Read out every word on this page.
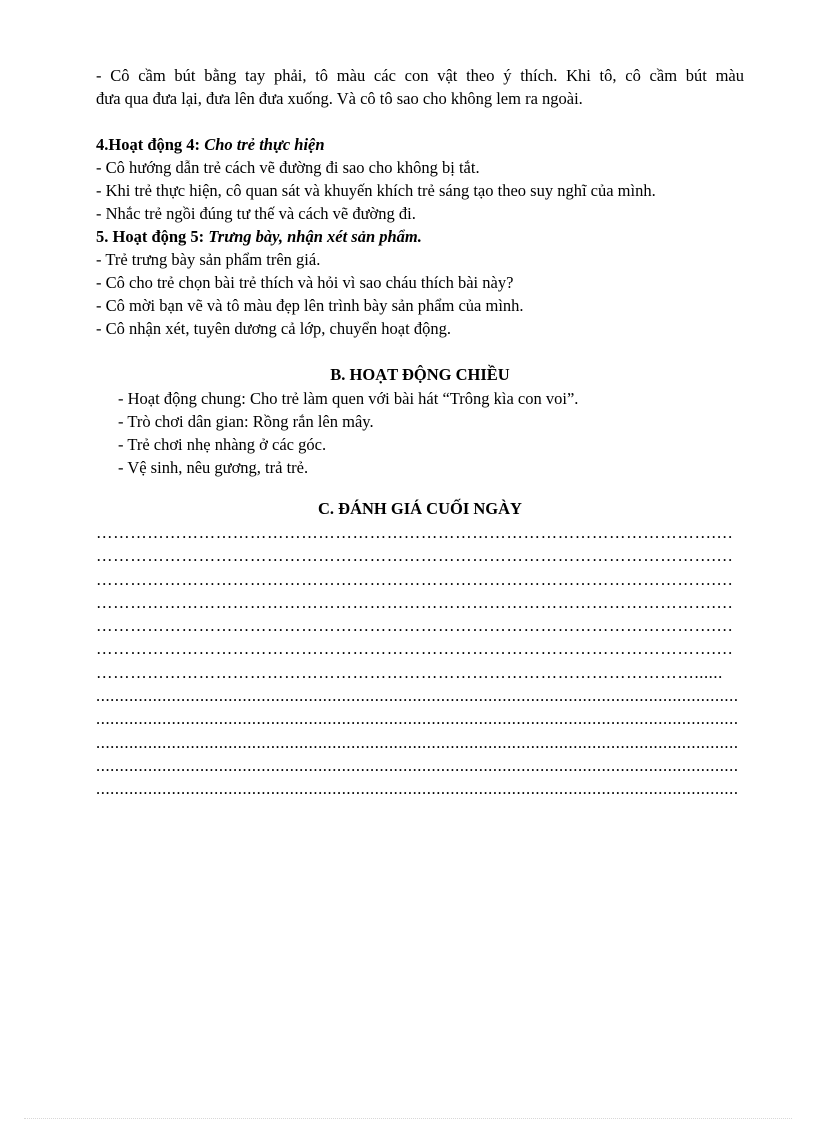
- Cô cầm bút bằng tay phải, tô màu các con vật theo ý thích. Khi tô, cô cầm bút màu
đưa qua đưa lại, đưa lên đưa xuống. Và cô tô sao cho không lem ra ngoài.
4.Hoạt động 4: Cho trẻ thực hiện
- Cô hướng dẫn trẻ cách vẽ đường đi sao cho không bị tắt.
- Khi trẻ thực hiện, cô quan sát và khuyến khích trẻ sáng tạo theo suy nghĩ của mình.
- Nhắc trẻ ngồi đúng tư thế và cách vẽ đường đi.
5. Hoạt động 5: Trưng bày, nhận xét sản phẩm.
- Trẻ trưng bày sản phẩm trên giá.
- Cô cho trẻ chọn bài trẻ thích và hỏi vì sao cháu thích bài này?
- Cô mời bạn vẽ và tô màu đẹp lên trình bày sản phẩm của mình.
- Cô nhận xét, tuyên dương cả lớp, chuyển hoạt động.
B. HOẠT ĐỘNG CHIỀU
- Hoạt động chung: Cho trẻ làm quen với bài hát “Trông kìa con voi”.
- Trò chơi dân gian: Rồng rắn lên mây.
- Trẻ chơi nhẹ nhàng ở các góc.
- Vệ sinh, nêu gương, trả trẻ.
C. ĐÁNH GIÁ CUỐI NGÀY
……………………………………………………………………………………………….…
……………………………………………………………………………………………….…
……………………………………………………………………………………………….…
……………………………………………………………………………………………….…
……………………………………………………………………………………………….…
……………………………………………………………………………………………….…
……………………………………………………………………………………………......
........................................................................................................................................
........................................................................................................................................
........................................................................................................................................
........................................................................................................................................
........................................................................................................................................
